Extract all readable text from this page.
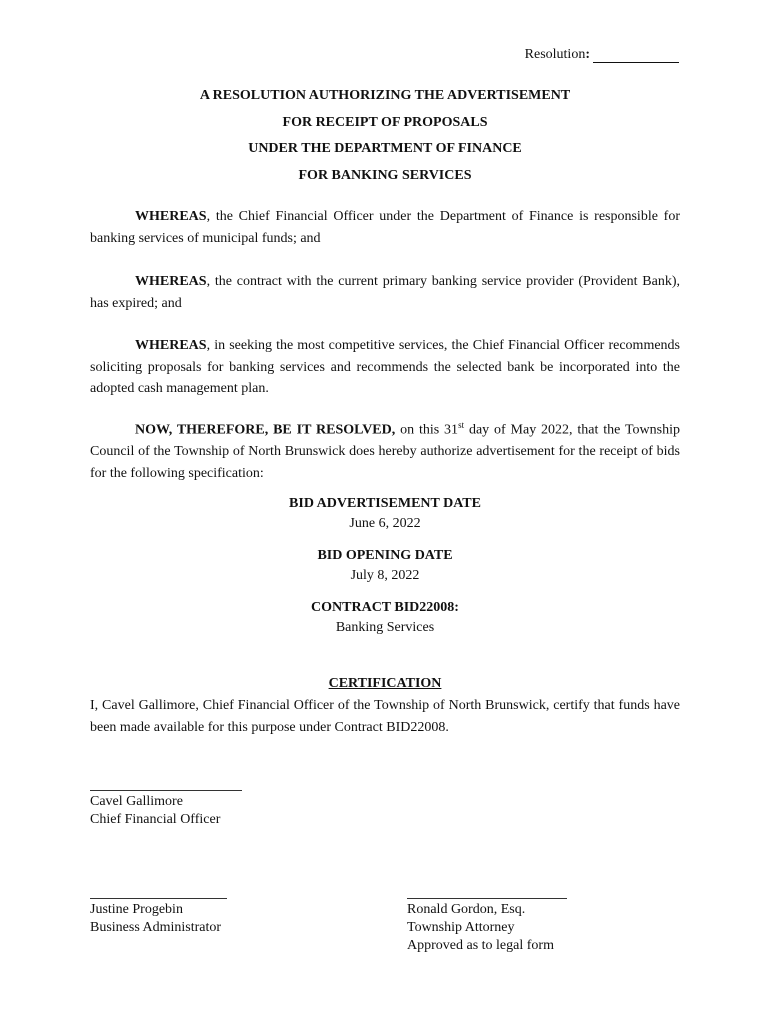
Resolution:
A RESOLUTION AUTHORIZING THE ADVERTISEMENT
FOR RECEIPT OF PROPOSALS
UNDER THE DEPARTMENT OF FINANCE
FOR BANKING SERVICES
WHEREAS, the Chief Financial Officer under the Department of Finance is responsible for banking services of municipal funds; and
WHEREAS, the contract with the current primary banking service provider (Provident Bank), has expired; and
WHEREAS, in seeking the most competitive services, the Chief Financial Officer recommends soliciting proposals for banking services and recommends the selected bank be incorporated into the adopted cash management plan.
NOW, THEREFORE, BE IT RESOLVED, on this 31st day of May 2022, that the Township Council of the Township of North Brunswick does hereby authorize advertisement for the receipt of bids for the following specification:
BID ADVERTISEMENT DATE
June 6, 2022
BID OPENING DATE
July 8, 2022
CONTRACT BID22008:
Banking Services
CERTIFICATION
I, Cavel Gallimore, Chief Financial Officer of the Township of North Brunswick, certify that funds have been made available for this purpose under Contract BID22008.
Cavel Gallimore
Chief Financial Officer
Justine Progebin
Business Administrator
Ronald Gordon, Esq.
Township Attorney
Approved as to legal form
